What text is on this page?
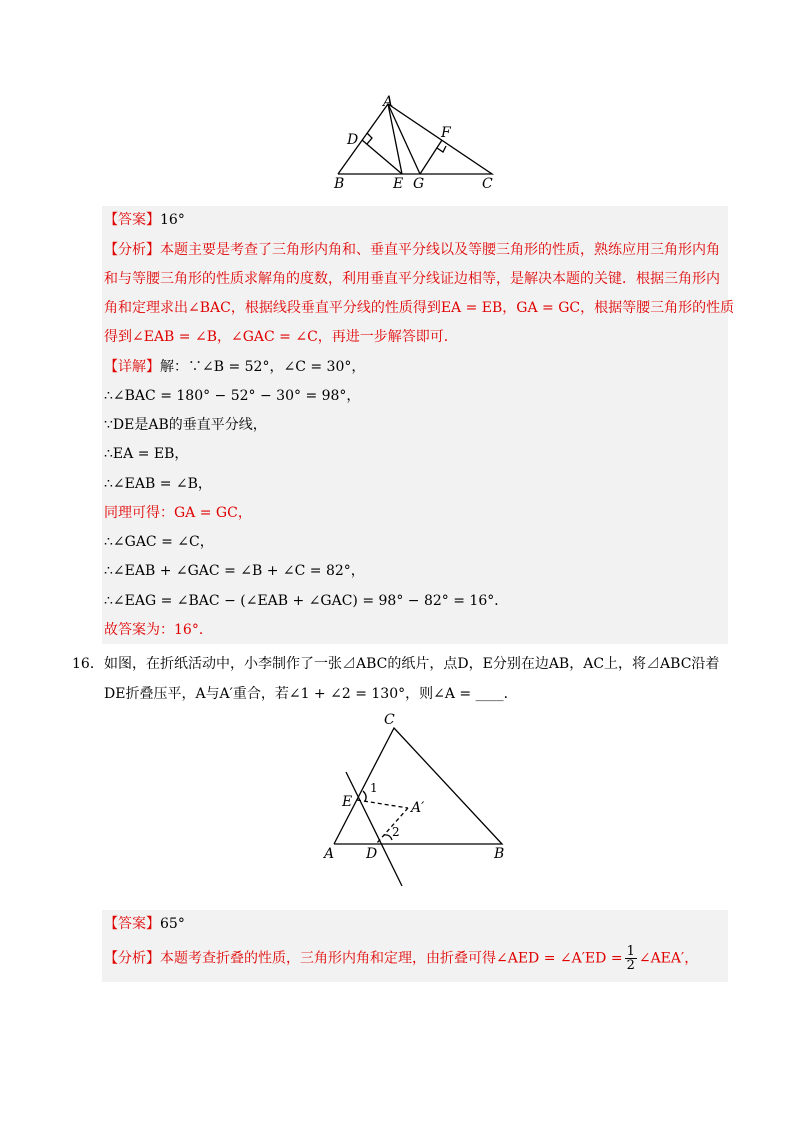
A
D	F
B	E G	C
【答案】16°
【分析】本题主要是考查了三角形内角和、垂直平分线以及等腰三角形的性质，熟练应用三角形内角
和与等腰三角形的性质求解角的度数，利用垂直平分线证边相等，是解决本题的关键．根据三角形内
角和定理求出∠BAC，根据线段垂直平分线的性质得到EA = EB，GA = GC，根据等腰三角形的性质
得到∠EAB = ∠B，∠GAC = ∠C，再进一步解答即可．
【详解】解：∵∠B = 52°，∠C = 30°，
∴∠BAC = 180° − 52° − 30° = 98°，
∵DE是AB的垂直平分线，
∴EA = EB，
∴∠EAB = ∠B，
同理可得：GA = GC，
∴∠GAC = ∠C，
∴∠EAB + ∠GAC = ∠B + ∠C = 82°，
∴∠EAG = ∠BAC − (∠EAB + ∠GAC) = 98° − 82° = 16°．
故答案为：16°．
16． 如图，在折纸活动中，小李制作了一张⊿ABC的纸片，点D，E分别在边AB，AC上，将⊿ABC沿着
DE折叠压平，A与A′重合，若∠1 + ∠2 = 130°，则∠A = ____．
C
E
1
A′
2
A D	B
【答案】65°
【分析】本题考查折叠的性质，三角形内角和定理，由折叠可得∠AED = ∠A′ED = $\frac{1}{2}$ ∠AEA′，
